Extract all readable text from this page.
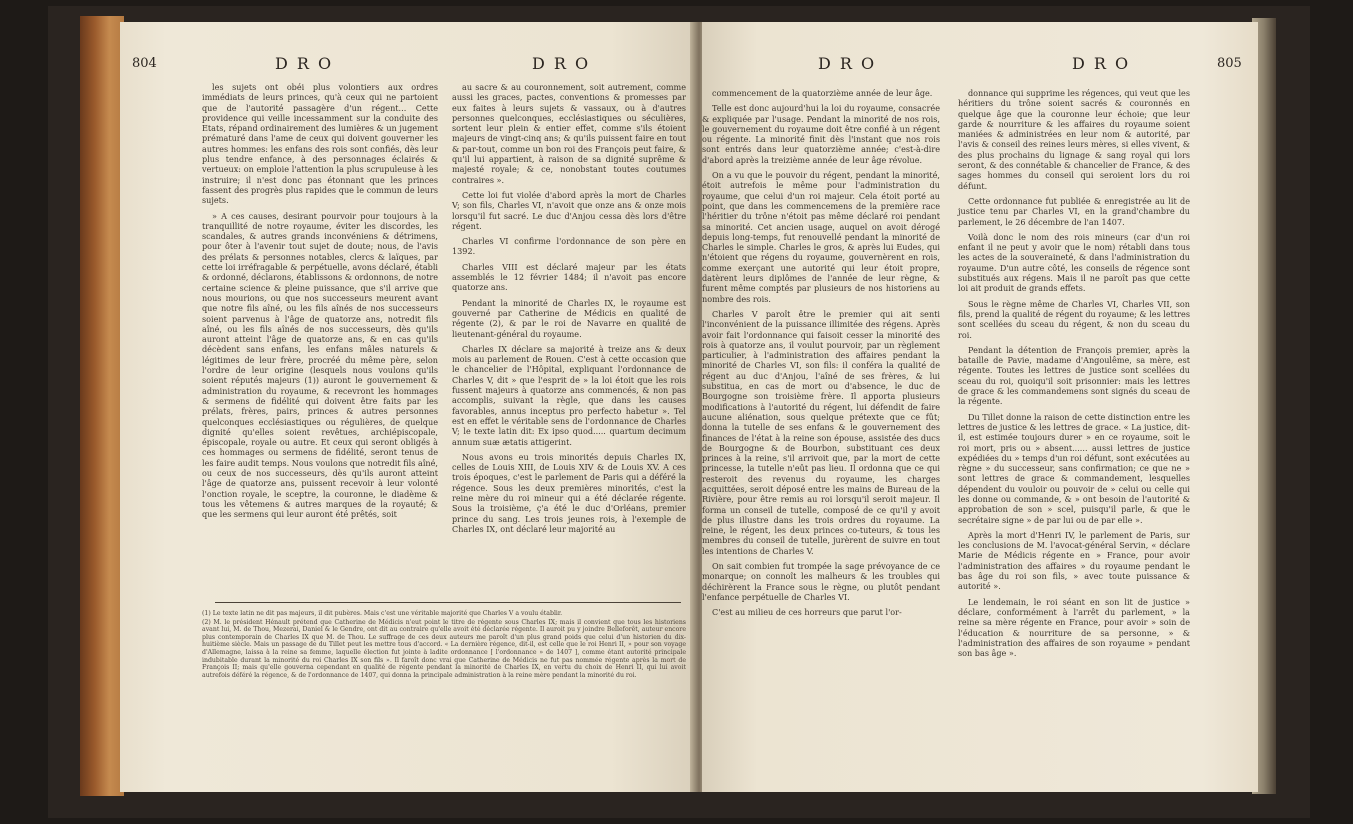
804	D R O	D R O

les sujets ont obéi plus volontiers aux ordres immédiats de leurs princes, qu'à ceux qui ne partoient que de l'autorité passagère d'un régent... Cette providence qui veille incessamment sur la conduite des Etats, répand ordinairement des lumières & un jugement prématuré dans l'ame de ceux qui doivent gouverner les autres hommes: les enfans des rois sont confiés, dès leur plus tendre enfance, à des personnages éclairés & vertueux: on emploie l'attention la plus scrupuleuse à les instruire; il n'est donc pas étonnant que les princes fassent des progrès plus rapides que le commun de leurs sujets.

» A ces causes, desirant pourvoir pour toujours à la tranquillité de notre royaume, éviter les discordes, les scandales, & autres grands inconvéniens & détrimens, pour ôter à l'avenir tout sujet de doute; nous, de l'avis des prélats & personnes notables, clercs & laïques, par cette loi irréfragable & perpétuelle, avons déclaré, établi & ordonné, déclarons, établissons & ordonnons, de notre certaine science & pleine puissance, que s'il arrive que nous mourions, ou que nos successeurs meurent avant que notre fils aîné, ou les fils aînés de nos successeurs soient parvenus à l'âge de quatorze ans, notredit fils aîné, ou les fils aînés de nos successeurs, dès qu'ils auront atteint l'âge de quatorze ans, & en cas qu'ils décèdent sans enfans, les enfans mâles naturels & légitimes de leur frère, procréé du même père, selon l'ordre de leur origine (lesquels nous voulons qu'ils soient réputés majeurs (1)) auront le gouvernement & administration du royaume, & recevront les hommages & sermens de fidélité qui doivent être faits par les prélats, frères, pairs, princes & autres personnes quelconques ecclésiastiques ou régulières, de quelque dignité qu'elles soient revêtues, archiépiscopale, épiscopale, royale ou autre. Et ceux qui seront obligés à ces hommages ou sermens de fidélité, seront tenus de les faire audit temps. Nous voulons que notredit fils aîné, ou ceux de nos successeurs, dès qu'ils auront atteint l'âge de quatorze ans, puissent recevoir à leur volonté l'onction royale, le sceptre, la couronne, le diadème & tous les vêtemens & autres marques de la royauté; & que les sermens qui leur auront été prêtés, soit

au sacre & au couronnement, soit autrement, comme aussi les graces, pactes, conventions & promesses par eux faites à leurs sujets & vassaux, ou à d'autres personnes quelconques, ecclésiastiques ou séculières, sortent leur plein & entier effet, comme s'ils étoient majeurs de vingt-cinq ans; & qu'ils puissent faire en tout & par-tout, comme un bon roi des François peut faire, & qu'il lui appartient, à raison de sa dignité suprême & majesté royale; & ce, nonobstant toutes coutumes contraires ».

Cette loi fut violée d'abord après la mort de Charles V; son fils, Charles VI, n'avoit que onze ans & onze mois lorsqu'il fut sacré. Le duc d'Anjou cessa dès lors d'être régent.

Charles VI confirme l'ordonnance de son père en 1392.

Charles VIII est déclaré majeur par les états assemblés le 12 février 1484; il n'avoit pas encore quatorze ans.

Pendant la minorité de Charles IX, le royaume est gouverné par Catherine de Médicis en qualité de régente (2), & par le roi de Navarre en qualité de lieutenant-général du royaume.

Charles IX déclare sa majorité à treize ans & deux mois au parlement de Rouen. C'est à cette occasion que le chancelier de l'Hôpital, expliquant l'ordonnance de Charles V, dit » que l'esprit de » la loi étoit que les rois fussent majeurs à quatorze ans commencés, & non pas accomplis, suivant la règle, que dans les causes favorables, annus inceptus pro perfecto habetur ». Tel est en effet le véritable sens de l'ordonnance de Charles V; le texte latin dit: Ex ipso quod..... quartum decimum annum suæ ætatis attigerint.

Nous avons eu trois minorités depuis Charles IX, celles de Louis XIII, de Louis XIV & de Louis XV. A ces trois époques, c'est le parlement de Paris qui a déféré la régence. Sous les deux premières minorités, c'est la reine mère du roi mineur qui a été déclarée régente. Sous la troisième, ç'a été le duc d'Orléans, premier prince du sang. Les trois jeunes rois, à l'exemple de Charles IX, ont déclaré leur majorité au

(1) Le texte latin ne dit pas majeurs, il dit pubères. Mais c'est une véritable majorité que Charles V a voulu établir.

(2) M. le président Hénault prétend que Catherine de Médicis n'eut point le titre de régente sous Charles IX; mais il convient que tous les historiens avant lui, M. de Thou, Mezerai, Daniel & le Gendre, ont dit au contraire qu'elle avoit été déclarée régente. Il auroit pu y joindre Belleforêt, auteur encore plus contemporain de Charles IX que M. de Thou. Le suffrage de ces deux auteurs me paroît d'un plus grand poids que celui d'un historien du dix-huitième siècle. Mais un passage de du Tillet peut les mettre tous d'accord. « La dernière régence, dit-il, est celle que le roi Henri II, » pour son voyage d'Allemagne, laissa à la reine sa femme, laquelle élection fut jointe à ladite ordonnance [ l'ordonnance » de 1407 ], comme étant autorité principale indubitable durant la minorité du roi Charles IX son fils ». Il faroît donc vrai que Catherine de Médicis ne fut pas nommée régente après la mort de François II; mais qu'elle gouverna cependant en qualité de régente pendant la minorité de Charles IX, en vertu du choix de Henri II, qui lui avoit autrefois déféré la régence, & de l'ordonnance de 1407, qui donna la principale administration à la reine mère pendant la minorité du roi.

D R O	D R O	805

commencement de la quatorzième année de leur âge.

Telle est donc aujourd'hui la loi du royaume, consacrée & expliquée par l'usage. Pendant la minorité de nos rois, le gouvernement du royaume doit être confié à un régent ou régente. La minorité finit dès l'instant que nos rois sont entrés dans leur quatorzième année; c'est-à-dire d'abord après la treizième année de leur âge révolue.

On a vu que le pouvoir du régent, pendant la minorité, étoit autrefois le même pour l'administration du royaume, que celui d'un roi majeur. Cela étoit porté au point, que dans les commencemens de la première race l'héritier du trône n'étoit pas même déclaré roi pendant sa minorité. Cet ancien usage, auquel on avoit dérogé depuis long-temps, fut renouvellé pendant la minorité de Charles le simple. Charles le gros, & après lui Eudes, qui n'étoient que régens du royaume, gouvernèrent en rois, comme exerçant une autorité qui leur étoit propre, datèrent leurs diplômes de l'année de leur règne, & furent même comptés par plusieurs de nos historiens au nombre des rois.

Charles V paroît être le premier qui ait senti l'inconvénient de la puissance illimitée des régens. Après avoir fait l'ordonnance qui faisoit cesser la minorité des rois à quatorze ans, il voulut pourvoir, par un règlement particulier, à l'administration des affaires pendant la minorité de Charles VI, son fils: il conféra la qualité de régent au duc d'Anjou, l'aîné de ses frères, & lui substitua, en cas de mort ou d'absence, le duc de Bourgogne son troisième frère. Il apporta plusieurs modifications à l'autorité du régent, lui défendit de faire aucune aliénation, sous quelque prétexte que ce fût; donna la tutelle de ses enfans & le gouvernement des finances de l'état à la reine son épouse, assistée des ducs de Bourgogne & de Bourbon, substituant ces deux princes à la reine, s'il arrivoit que, par la mort de cette princesse, la tutelle n'eût pas lieu. Il ordonna que ce qui resteroit des revenus du royaume, les charges acquittées, seroit déposé entre les mains de Bureau de la Rivière, pour être remis au roi lorsqu'il seroit majeur. Il forma un conseil de tutelle, composé de ce qu'il y avoit de plus illustre dans les trois ordres du royaume. La reine, le régent, les deux princes co-tuteurs, & tous les membres du conseil de tutelle, jurèrent de suivre en tout les intentions de Charles V.

On sait combien fut trompée la sage prévoyance de ce monarque; on connoît les malheurs & les troubles qui déchirèrent la France sous le règne, ou plutôt pendant l'enfance perpétuelle de Charles VI.

C'est au milieu de ces horreurs que parut l'or-

donnance qui supprime les régences, qui veut que les héritiers du trône soient sacrés & couronnés en quelque âge que la couronne leur échoie; que leur garde & nourriture & les affaires du royaume soient maniées & administrées en leur nom & autorité, par l'avis & conseil des reines leurs mères, si elles vivent, & des plus prochains du lignage & sang royal qui lors seront, & des connétable & chancelier de France, & des sages hommes du conseil qui seroient lors du roi défunt.

Cette ordonnance fut publiée & enregistrée au lit de justice tenu par Charles VI, en la grand'chambre du parlement, le 26 décembre de l'an 1407.

Voilà donc le nom des rois mineurs (car d'un roi enfant il ne peut y avoir que le nom) rétabli dans tous les actes de la souveraineté, & dans l'administration du royaume. D'un autre côté, les conseils de régence sont substitués aux régens. Mais il ne paroît pas que cette loi ait produit de grands effets.

Sous le règne même de Charles VI, Charles VII, son fils, prend la qualité de régent du royaume; & les lettres sont scellées du sceau du régent, & non du sceau du roi.

Pendant la détention de François premier, après la bataille de Pavie, madame d'Angoulême, sa mère, est régente. Toutes les lettres de justice sont scellées du sceau du roi, quoiqu'il soit prisonnier: mais les lettres de grace & les commandemens sont signés du sceau de la régente.

Du Tillet donne la raison de cette distinction entre les lettres de justice & les lettres de grace. « La justice, dit-il, est estimée toujours durer » en ce royaume, soit le roi mort, pris ou » absent...... aussi lettres de justice expédiées du » temps d'un roi défunt, sont exécutées au règne » du successeur, sans confirmation; ce que ne » sont lettres de grace & commandement, lesquelles dépendent du vouloir ou pouvoir de » celui ou celle qui les donne ou commande, & » ont besoin de l'autorité & approbation de son » scel, puisqu'il parle, & que le secrétaire signe » de par lui ou de par elle ».

Après la mort d'Henri IV, le parlement de Paris, sur les conclusions de M. l'avocat-général Servin, « déclare Marie de Médicis régente en » France, pour avoir l'administration des affaires » du royaume pendant le bas âge du roi son fils, » avec toute puissance & autorité ».

Le lendemain, le roi séant en son lit de justice » déclare, conformément à l'arrêt du parlement, » la reine sa mère régente en France, pour avoir » soin de l'éducation & nourriture de sa personne, » & l'administration des affaires de son royaume » pendant son bas âge ».
